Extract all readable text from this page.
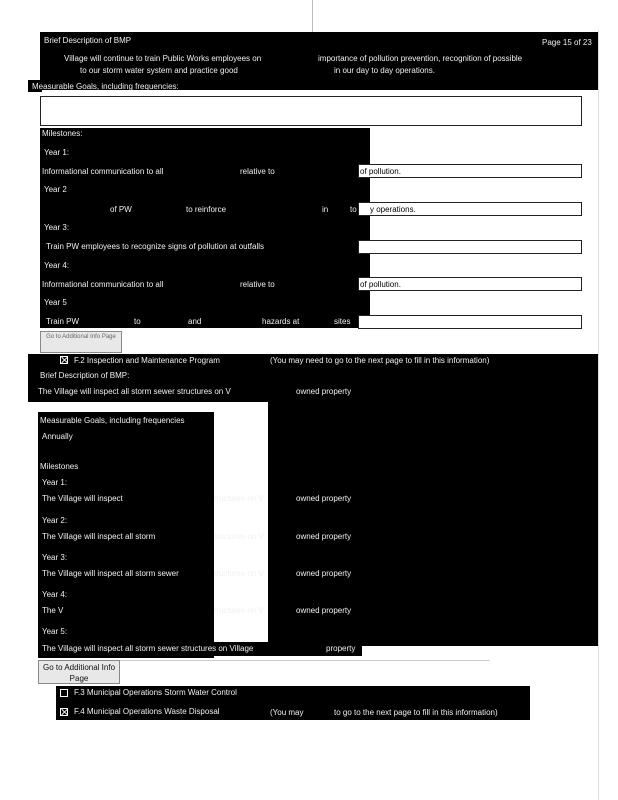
Brief Description of BMP	Page 15 of 23
Village will continue to train Public Works employees on	importance of pollution prevention, recognition of possible
to our storm water system and practice good	in our day to day operations.
Measurable Goals, including frequencies:
Milestones:
Year 1:
Informational communication to all	relative to	of pollution.
Year 2
of PW	to reinforce	in	to y operations.
Year 3:
Train PW employees to recognize signs of pollution at outfalls
Year 4:
Informational communication to all	relative to	of pollution.
Year 5
Train PW	to	and	hazards at	sites
Go to Additional Info Page
F.2 Inspection and Maintenance Program	(You may need to go to the next page to fill in this information)
Brief Description of BMP:
The Village will inspect all storm sewer structures on V	owned property
Measurable Goals, including frequencies
Annually
Milestones
Year 1:
The Village will inspect	tructures on V	owned property
Year 2:
The Village will inspect all storm	tructures on V	owned property
Year 3:
The Village will inspect all storm sewer	tructures on V	owned property
Year 4:
The V	tructures on V	owned property
Year 5:
The Village will inspect all storm sewer structures on Village	property
Go to Additional Info Page
F.3 Municipal Operations Storm Water Control
F.4 Municipal Operations Waste Disposal	(You may	to go to the next page to fill in this information)
